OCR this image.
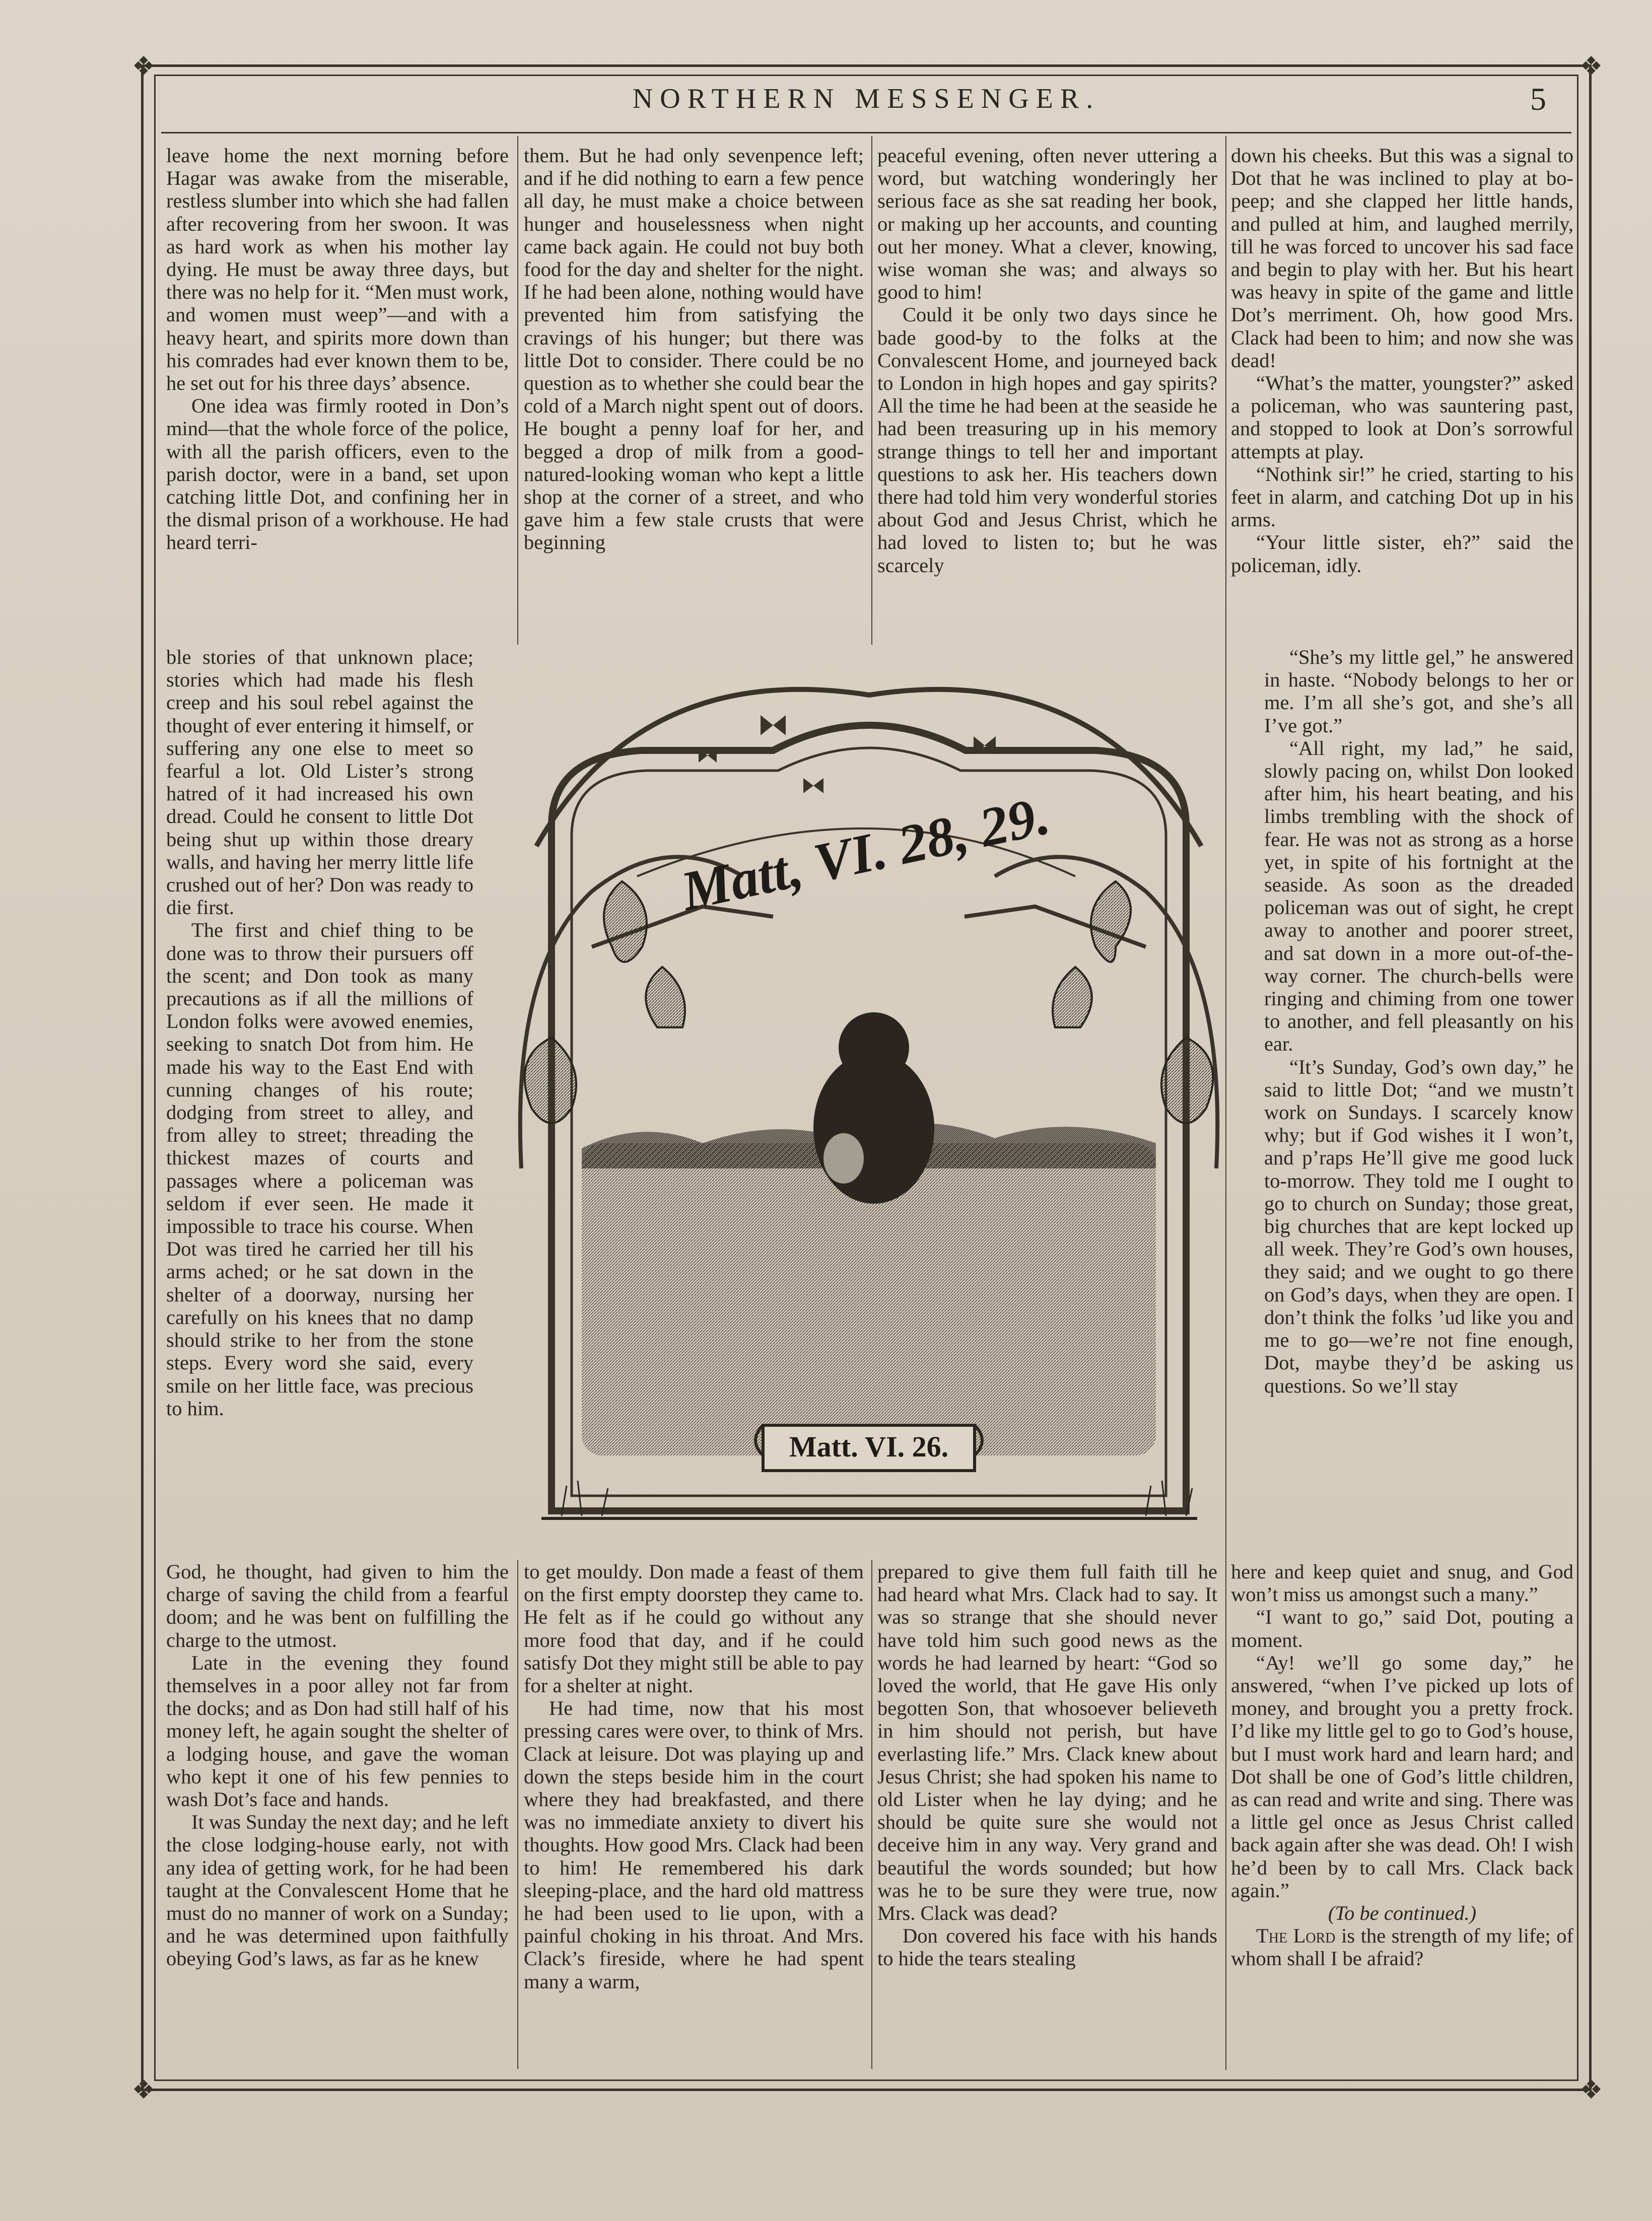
❖	❖
❖	❖
NORTHERN MESSENGER.	5

leave home the next morning before Hagar was awake from the miserable, restless slumber into which she had fallen after recovering from her swoon. It was as hard work as when his mother lay dying. He must be away three days, but there was no help for it. “Men must work, and women must weep”—and with a heavy heart, and spirits more down than his comrades had ever known them to be, he set out for his three days’ absence.

One idea was firmly rooted in Don’s mind—that the whole force of the police, with all the parish officers, even to the parish doctor, were in a band, set upon catching little Dot, and confining her in the dismal prison of a workhouse. He had heard terri-

ble stories of that unknown place; stories which had made his flesh creep and his soul rebel against the thought of ever entering it himself, or suffering any one else to meet so fearful a lot. Old Lister’s strong hatred of it had increased his own dread. Could he consent to little Dot being shut up within those dreary walls, and having her merry little life crushed out of her? Don was ready to die first.

The first and chief thing to be done was to throw their pursuers off the scent; and Don took as many precautions as if all the millions of London folks were avowed enemies, seeking to snatch Dot from him. He made his way to the East End with cunning changes of his route; dodging from street to alley, and from alley to street; threading the thickest mazes of courts and passages where a policeman was seldom if ever seen. He made it impossible to trace his course. When Dot was tired he carried her till his arms ached; or he sat down in the shelter of a doorway, nursing her carefully on his knees that no damp should strike to her from the stone steps. Every word she said, every smile on her little face, was precious to him.

God, he thought, had given to him the charge of saving the child from a fearful doom; and he was bent on fulfilling the charge to the utmost.

Late in the evening they found themselves in a poor alley not far from the docks; and as Don had still half of his money left, he again sought the shelter of a lodging house, and gave the woman who kept it one of his few pennies to wash Dot’s face and hands.

It was Sunday the next day; and he left the close lodging-house early, not with any idea of getting work, for he had been taught at the Convalescent Home that he must do no manner of work on a Sunday; and he was determined upon faithfully obeying God’s laws, as far as he knew

them. But he had only sevenpence left; and if he did nothing to earn a few pence all day, he must make a choice between hunger and houselessness when night came back again. He could not buy both food for the day and shelter for the night. If he had been alone, nothing would have prevented him from satisfying the cravings of his hunger; but there was little Dot to consider. There could be no question as to whether she could bear the cold of a March night spent out of doors. He bought a penny loaf for her, and begged a drop of milk from a good-natured-looking woman who kept a little shop at the corner of a street, and who gave him a few stale crusts that were beginning

to get mouldy. Don made a feast of them on the first empty doorstep they came to. He felt as if he could go without any more food that day, and if he could satisfy Dot they might still be able to pay for a shelter at night.

He had time, now that his most pressing cares were over, to think of Mrs. Clack at leisure. Dot was playing up and down the steps beside him in the court where they had breakfasted, and there was no immediate anxiety to divert his thoughts. How good Mrs. Clack had been to him! He remembered his dark sleeping-place, and the hard old mattress he had been used to lie upon, with a painful choking in his throat. And Mrs. Clack’s fireside, where he had spent many a warm,

peaceful evening, often never uttering a word, but watching wonderingly her serious face as she sat reading her book, or making up her accounts, and counting out her money. What a clever, knowing, wise woman she was; and always so good to him!

Could it be only two days since he bade good-by to the folks at the Convalescent Home, and journeyed back to London in high hopes and gay spirits? All the time he had been at the seaside he had been treasuring up in his memory strange things to tell her and important questions to ask her. His teachers down there had told him very wonderful stories about God and Jesus Christ, which he had loved to listen to; but he was scarcely

prepared to give them full faith till he had heard what Mrs. Clack had to say. It was so strange that she should never have told him such good news as the words he had learned by heart: “God so loved the world, that He gave His only begotten Son, that whosoever believeth in him should not perish, but have everlasting life.” Mrs. Clack knew about Jesus Christ; she had spoken his name to old Lister when he lay dying; and he should be quite sure she would not deceive him in any way. Very grand and beautiful the words sounded; but how was he to be sure they were true, now Mrs. Clack was dead?

Don covered his face with his hands to hide the tears stealing

down his cheeks. But this was a signal to Dot that he was inclined to play at bo-peep; and she clapped her little hands, and pulled at him, and laughed merrily, till he was forced to uncover his sad face and begin to play with her. But his heart was heavy in spite of the game and little Dot’s merriment. Oh, how good Mrs. Clack had been to him; and now she was dead!

“What’s the matter, youngster?” asked a policeman, who was sauntering past, and stopped to look at Don’s sorrowful attempts at play.

“Nothink sir!” he cried, starting to his feet in alarm, and catching Dot up in his arms.

“Your little sister, eh?” said the policeman, idly.

“She’s my little gel,” he answered in haste. “Nobody belongs to her or me. I’m all she’s got, and she’s all I’ve got.”

“All right, my lad,” he said, slowly pacing on, whilst Don looked after him, his heart beating, and his limbs trembling with the shock of fear. He was not as strong as a horse yet, in spite of his fortnight at the seaside. As soon as the dreaded policeman was out of sight, he crept away to another and poorer street, and sat down in a more out-of-the-way corner. The church-bells were ringing and chiming from one tower to another, and fell pleasantly on his ear.

“It’s Sunday, God’s own day,” he said to little Dot; “and we mustn’t work on Sundays. I scarcely know why; but if God wishes it I won’t, and p’raps He’ll give me good luck to-morrow. They told me I ought to go to church on Sunday; those great, big churches that are kept locked up all week. They’re God’s own houses, they said; and we ought to go there on God’s days, when they are open. I don’t think the folks ’ud like you and me to go—we’re not fine enough, Dot, maybe they’d be asking us questions. So we’ll stay

here and keep quiet and snug, and God won’t miss us amongst such a many.”

“I want to go,” said Dot, pouting a moment.

“Ay! we’ll go some day,” he answered, “when I’ve picked up lots of money, and brought you a pretty frock. I’d like my little gel to go to God’s house, but I must work hard and learn hard; and Dot shall be one of God’s little children, as can read and write and sing. There was a little gel once as Jesus Christ called back again after she was dead. Oh! I wish he’d been by to call Mrs. Clack back again.”

(To be continued.)

The Lord is the strength of my life; of whom shall I be afraid?

Matt, VI. 28, 29.
Matt. VI. 26.
